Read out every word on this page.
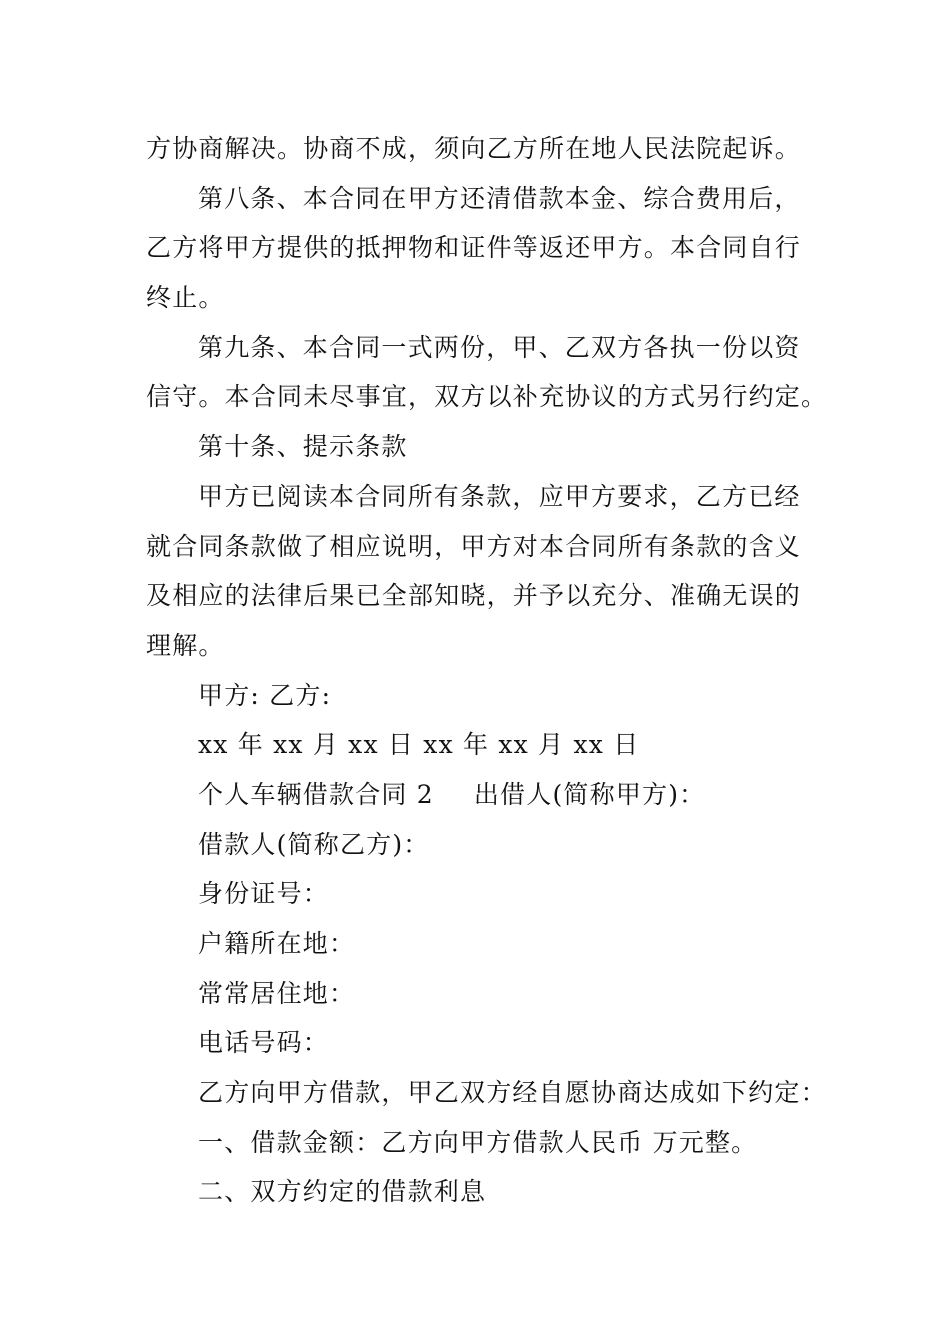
方协商解决。协商不成，须向乙方所在地人民法院起诉。
第八条、本合同在甲方还清借款本金、综合费用后，
乙方将甲方提供的抵押物和证件等返还甲方。本合同自行
终止。
第九条、本合同一式两份，甲、乙双方各执一份以资
信守。本合同未尽事宜，双方以补充协议的方式另行约定。
第十条、提示条款
甲方已阅读本合同所有条款，应甲方要求，乙方已经
就合同条款做了相应说明，甲方对本合同所有条款的含义
及相应的法律后果已全部知晓，并予以充分、准确无误的
理解。
甲方: 乙方:
xx 年 xx 月 xx 日 xx 年 xx 月 xx 日
个人车辆借款合同 2 出借人(简称甲方)：
借款人(简称乙方)：
身份证号：
户籍所在地：
常常居住地：
电话号码：
乙方向甲方借款，甲乙双方经自愿协商达成如下约定：
一、借款金额：乙方向甲方借款人民币 万元整。
二、双方约定的借款利息
